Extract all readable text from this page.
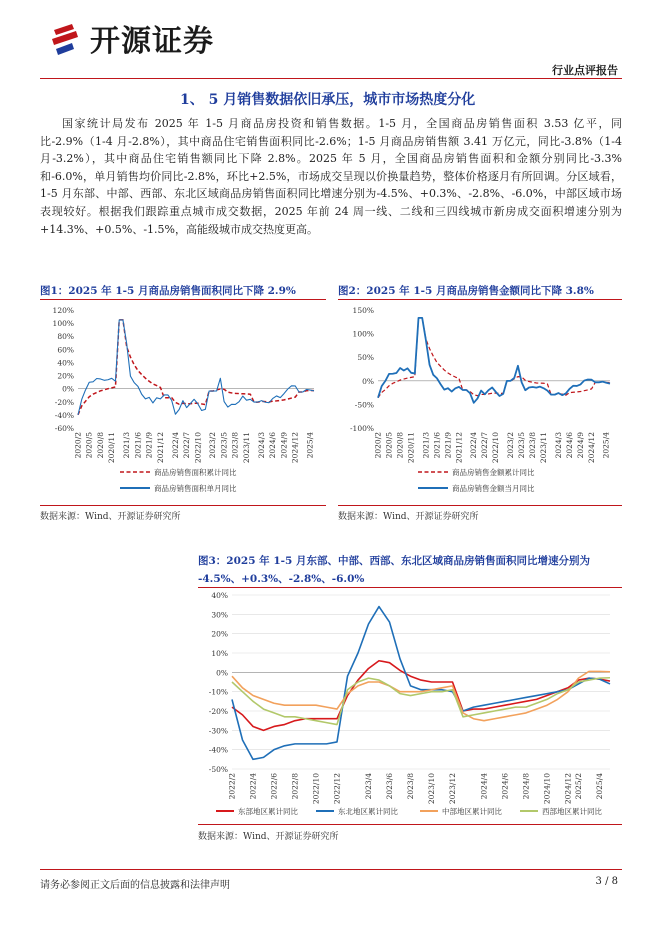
开源证券
行业点评报告
1、 5 月销售数据依旧承压，城市市场热度分化
国家统计局发布 2025 年 1-5 月商品房投资和销售数据。1-5 月，全国商品房销售面积 3.53 亿平，同比-2.9%（1-4 月-2.8%），其中商品住宅销售面积同比-2.6%；1-5 月商品房销售额 3.41 万亿元，同比-3.8%（1-4 月-3.2%），其中商品住宅销售额同比下降 2.8%。2025 年 5 月，全国商品房销售面积和金额分别同比-3.3%和-6.0%，单月销售均价同比-2.8%，环比+2.5%，市场成交呈现以价换量趋势，整体价格逐月有所回调。分区域看，1-5 月东部、中部、西部、东北区域商品房销售面积同比增速分别为-4.5%、+0.3%、-2.8%、-6.0%，中部区域市场表现较好。根据我们跟踪重点城市成交数据，2025 年前 24 周一线、二线和三四线城市新房成交面积增速分别为+14.3%、+0.5%、-1.5%，高能级城市成交热度更高。
图1：2025 年 1-5 月商品房销售面积同比下降 2.9%
-60%
-40%
-20%
0%
20%
40%
60%
80%
100%
120%
2020/2 2020/5 2020/8 2020/11 2021/3 2021/6 2021/9 2021/12 2022/4 2022/7 2022/10 2023/2 2023/5 2023/8 2023/11 2024/3 2024/6 2024/9 2024/12 2025/4
商品房销售面积累计同比
商品房销售面积单月同比
数据来源：Wind、开源证券研究所
图2：2025 年 1-5 月商品房销售金额同比下降 3.8%
-100%
-50%
0%
50%
100%
150%
2020/2 2020/5 2020/8 2020/11 2021/3 2021/6 2021/9 2021/12 2022/4 2022/7 2022/10 2023/2 2023/5 2023/8 2023/11 2024/3 2024/6 2024/9 2024/12 2025/4
商品房销售金额累计同比
商品房销售金额当月同比
数据来源：Wind、开源证券研究所
图3：2025 年 1-5 月东部、中部、西部、东北区域商品房销售面积同比增速分别为
-4.5%、+0.3%、-2.8%、-6.0%
-50%
-40%
-30%
-20%
-10%
0%
10%
20%
30%
40%
2022/2 2022/4 2022/6 2022/8 2022/10 2022/12	2023/4 2023/6 2023/8 2023/10 2023/12	2024/4 2024/6 2024/8 2024/10 2024/12 2025/2 2025/4
东部地区累计同比	东北地区累计同比	中部地区累计同比	西部地区累计同比
数据来源：Wind、开源证券研究所
请务必参阅正文后面的信息披露和法律声明	3 / 8
